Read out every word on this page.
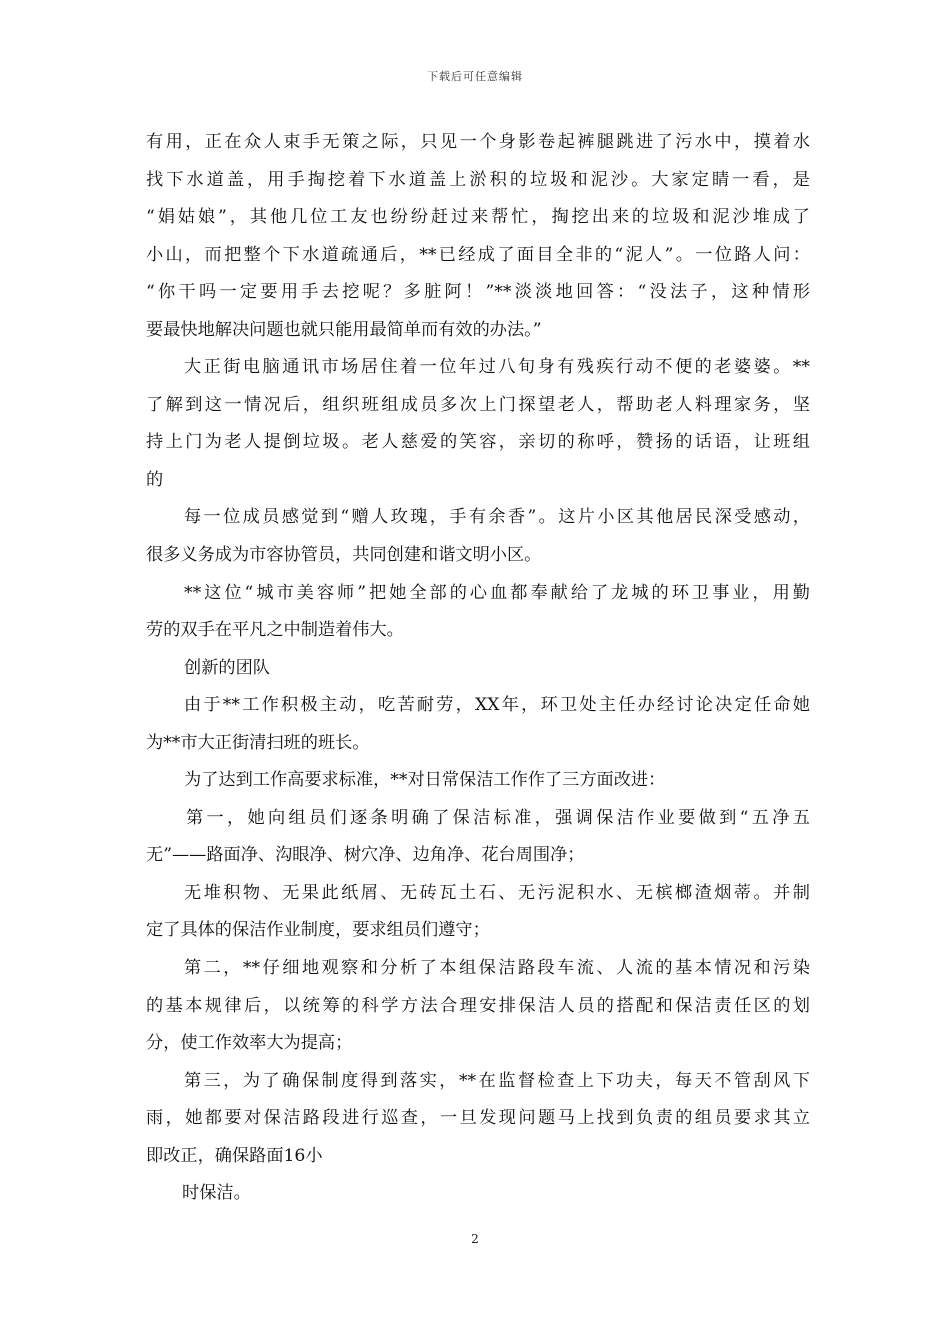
下载后可任意编辑
有用，正在众人束手无策之际，只见一个身影卷起裤腿跳进了污水中，摸着水
找下水道盖，用手掏挖着下水道盖上淤积的垃圾和泥沙。大家定睛一看，是
“娟姑娘”，其他几位工友也纷纷赶过来帮忙，掏挖出来的垃圾和泥沙堆成了
小山，而把整个下水道疏通后，**已经成了面目全非的“泥人”。一位路人问：
“你干吗一定要用手去挖呢？多脏阿！”**淡淡地回答：“没法子，这种情形
要最快地解决问题也就只能用最简单而有效的办法。”
大正街电脑通讯市场居住着一位年过八旬身有残疾行动不便的老婆婆。**
了解到这一情况后，组织班组成员多次上门探望老人，帮助老人料理家务，坚
持上门为老人提倒垃圾。老人慈爱的笑容，亲切的称呼，赞扬的话语，让班组
的
每一位成员感觉到“赠人玫瑰，手有余香”。这片小区其他居民深受感动，
很多义务成为市容协管员，共同创建和谐文明小区。
**这位“城市美容师”把她全部的心血都奉献给了龙城的环卫事业，用勤
劳的双手在平凡之中制造着伟大。
创新的团队
由于**工作积极主动，吃苦耐劳，XX年，环卫处主任办经讨论决定任命她
为**市大正街清扫班的班长。
为了达到工作高要求标准，**对日常保洁工作作了三方面改进：
第一，她向组员们逐条明确了保洁标准，强调保洁作业要做到“五净五
无”——路面净、沟眼净、树穴净、边角净、花台周围净；
无堆积物、无果此纸屑、无砖瓦土石、无污泥积水、无槟榔渣烟蒂。并制
定了具体的保洁作业制度，要求组员们遵守；
第二，**仔细地观察和分析了本组保洁路段车流、人流的基本情况和污染
的基本规律后，以统筹的科学方法合理安排保洁人员的搭配和保洁责任区的划
分，使工作效率大为提高；
第三，为了确保制度得到落实，**在监督检查上下功夫，每天不管刮风下
雨，她都要对保洁路段进行巡查，一旦发现问题马上找到负责的组员要求其立
即改正，确保路面16小
时保洁。
2
